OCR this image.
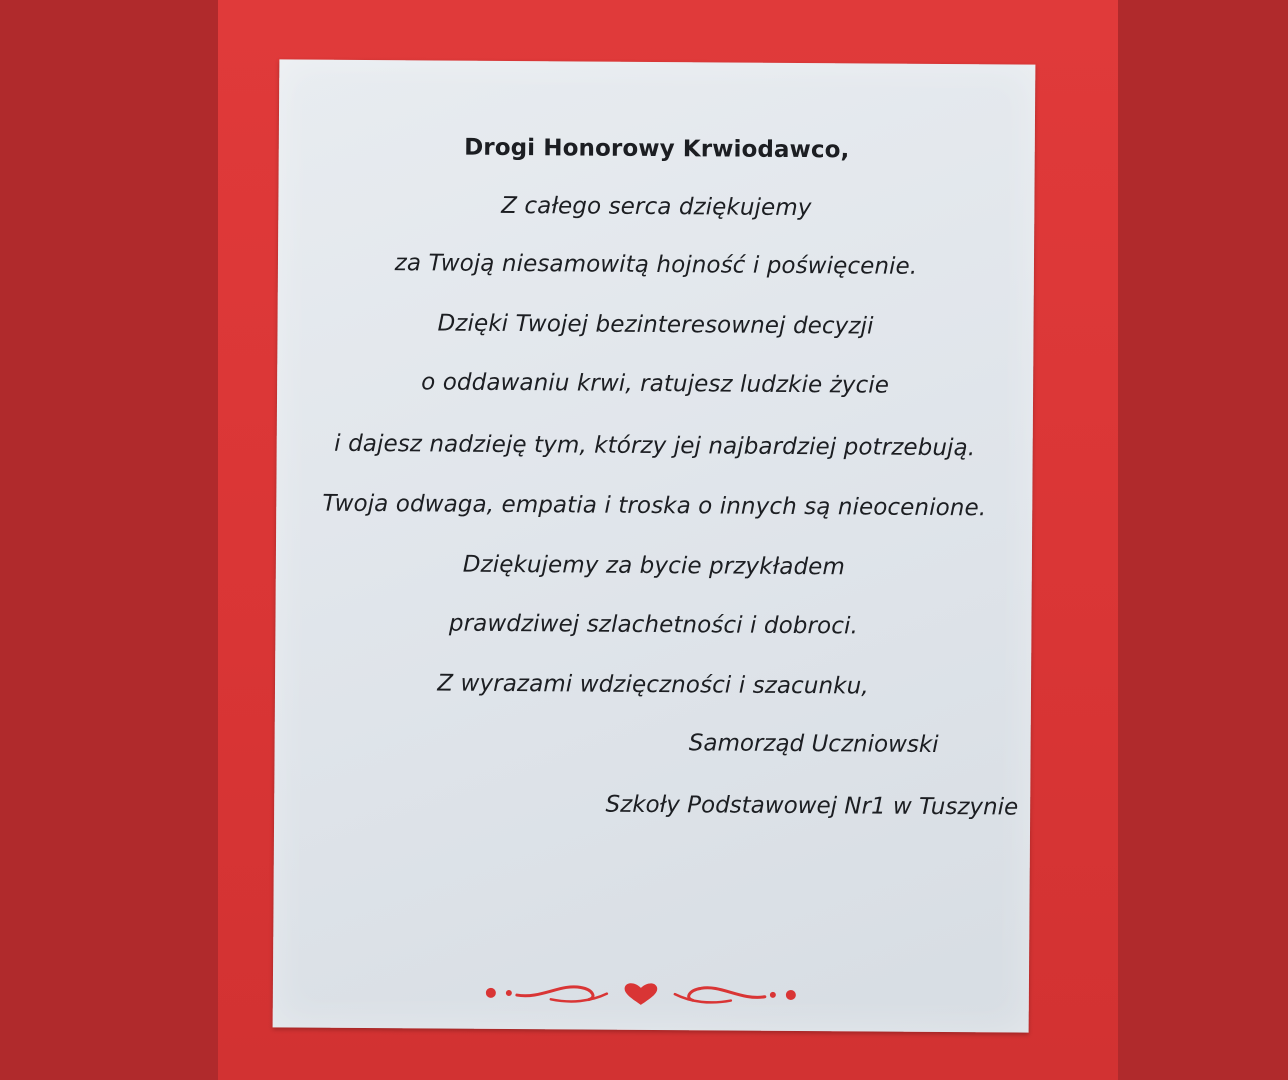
Drogi Honorowy Krwiodawco,
Z całego serca dziękujemy
za Twoją niesamowitą hojność i poświęcenie.
Dzięki Twojej bezinteresownej decyzji
o oddawaniu krwi, ratujesz ludzkie życie
i dajesz nadzieję tym, którzy jej najbardziej potrzebują.
Twoja odwaga, empatia i troska o innych są nieocenione.
Dziękujemy za bycie przykładem
prawdziwej szlachetności i dobroci.
Z wyrazami wdzięczności i szacunku,
Samorząd Uczniowski
Szkoły Podstawowej Nr1 w Tuszynie
